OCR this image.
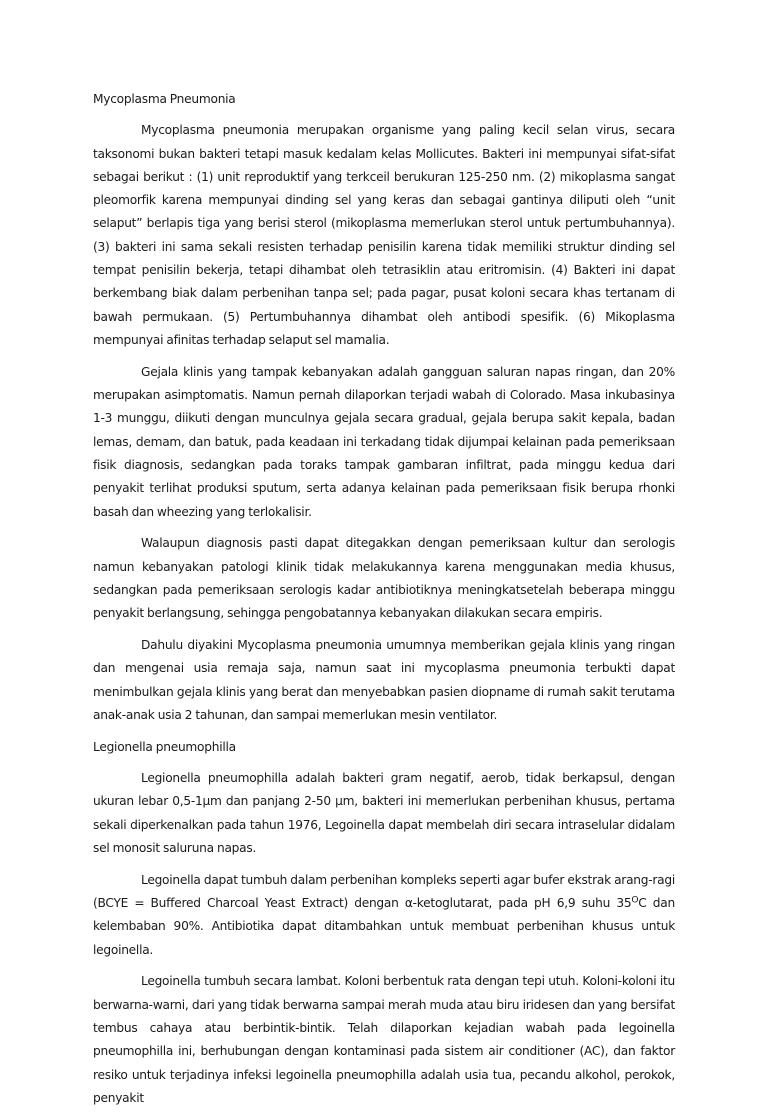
Mycoplasma Pneumonia

Mycoplasma pneumonia merupakan organisme yang paling kecil selan virus, secara taksonomi bukan bakteri tetapi masuk kedalam kelas Mollicutes. Bakteri ini mempunyai sifat-sifat sebagai berikut : (1) unit reproduktif yang terkceil berukuran 125-250 nm. (2) mikoplasma sangat pleomorfik karena mempunyai dinding sel yang keras dan sebagai gantinya diliputi oleh “unit selaput” berlapis tiga yang berisi sterol (mikoplasma memerlukan sterol untuk pertumbuhannya). (3) bakteri ini sama sekali resisten terhadap penisilin karena tidak memiliki struktur dinding sel tempat penisilin bekerja, tetapi dihambat oleh tetrasiklin atau eritromisin. (4) Bakteri ini dapat berkembang biak dalam perbenihan tanpa sel; pada pagar, pusat koloni secara khas tertanam di bawah permukaan. (5) Pertumbuhannya dihambat oleh antibodi spesifik. (6) Mikoplasma mempunyai afinitas terhadap selaput sel mamalia.

Gejala klinis yang tampak kebanyakan adalah gangguan saluran napas ringan, dan 20% merupakan asimptomatis. Namun pernah dilaporkan terjadi wabah di Colorado. Masa inkubasinya 1-3 munggu, diikuti dengan munculnya gejala secara gradual, gejala berupa sakit kepala, badan lemas, demam, dan batuk, pada keadaan ini terkadang tidak dijumpai kelainan pada pemeriksaan fisik diagnosis, sedangkan pada toraks tampak gambaran infiltrat, pada minggu kedua dari penyakit terlihat produksi sputum, serta adanya kelainan pada pemeriksaan fisik berupa rhonki basah dan wheezing yang terlokalisir.

Walaupun diagnosis pasti dapat ditegakkan dengan pemeriksaan kultur dan serologis namun kebanyakan patologi klinik tidak melakukannya karena menggunakan media khusus, sedangkan pada pemeriksaan serologis kadar antibiotiknya meningkatsetelah beberapa minggu penyakit berlangsung, sehingga pengobatannya kebanyakan dilakukan secara empiris.

Dahulu diyakini Mycoplasma pneumonia umumnya memberikan gejala klinis yang ringan dan mengenai usia remaja saja, namun saat ini mycoplasma pneumonia terbukti dapat menimbulkan gejala klinis yang berat dan menyebabkan pasien diopname di rumah sakit terutama anak-anak usia 2 tahunan, dan sampai memerlukan mesin ventilator.

Legionella pneumophilla

Legionella pneumophilla adalah bakteri gram negatif, aerob, tidak berkapsul, dengan ukuran lebar 0,5-1µm dan panjang 2-50 µm, bakteri ini memerlukan perbenihan khusus, pertama sekali diperkenalkan pada tahun 1976, Legoinella dapat membelah diri secara intraselular didalam sel monosit saluruna napas.

Legoinella dapat tumbuh dalam perbenihan kompleks seperti agar bufer ekstrak arang-ragi (BCYE = Buffered Charcoal Yeast Extract) dengan α-ketoglutarat, pada pH 6,9 suhu $35^OC$ dan kelembaban 90%. Antibiotika dapat ditambahkan untuk membuat perbenihan khusus untuk legoinella.

Legoinella tumbuh secara lambat. Koloni berbentuk rata dengan tepi utuh. Koloni-koloni itu berwarna-warni, dari yang tidak berwarna sampai merah muda atau biru iridesen dan yang bersifat tembus cahaya atau berbintik-bintik. Telah dilaporkan kejadian wabah pada legoinella pneumophilla ini, berhubungan dengan kontaminasi pada sistem air conditioner (AC), dan faktor resiko untuk terjadinya infeksi legoinella pneumophilla adalah usia tua, pecandu alkohol, perokok, penyakit
